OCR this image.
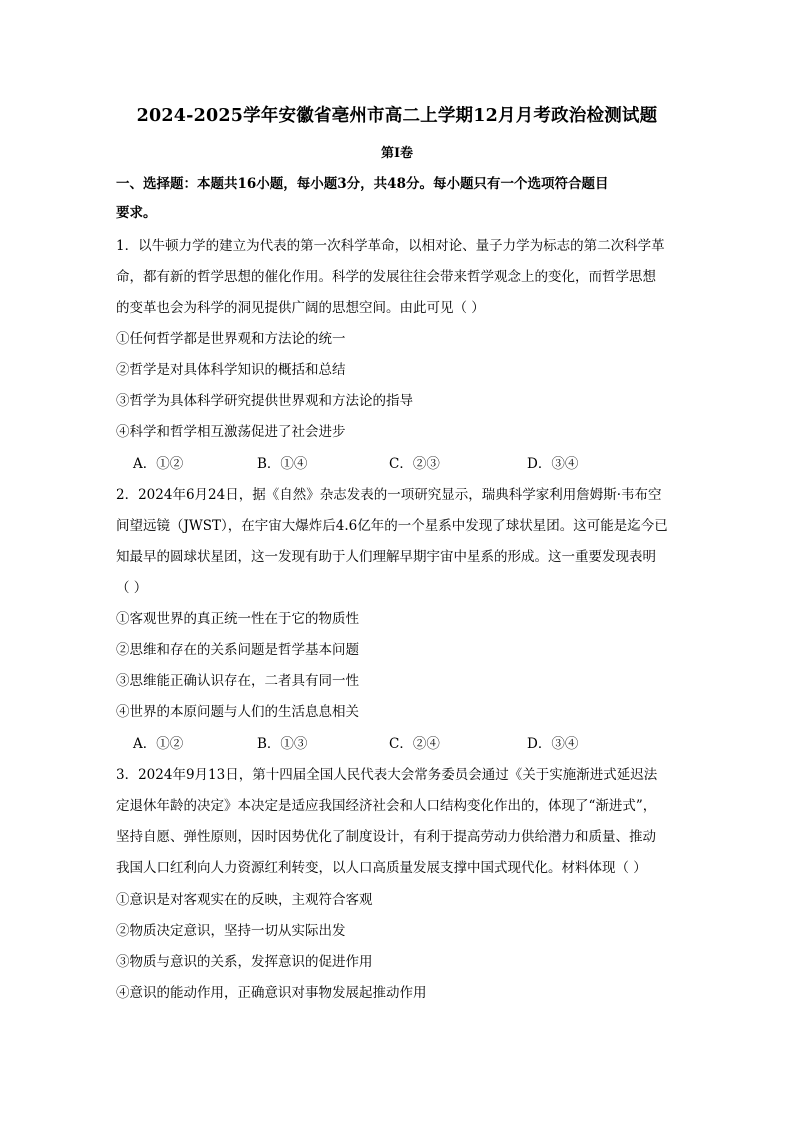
2024-2025学年安徽省亳州市高二上学期12月月考政治检测试题
第Ⅰ卷
一、选择题：本题共16小题，每小题3分，共48分。每小题只有一个选项符合题目
要求。
1．以牛顿力学的建立为代表的第一次科学革命，以相对论、量子力学为标志的第二次科学革
命，都有新的哲学思想的催化作用。科学的发展往往会带来哲学观念上的变化，而哲学思想
的变革也会为科学的洞见提供广阔的思想空间。由此可见（ ）
①任何哲学都是世界观和方法论的统一
②哲学是对具体科学知识的概括和总结
③哲学为具体科学研究提供世界观和方法论的指导
④科学和哲学相互激荡促进了社会进步
A．①②	B．①④	C．②③	D．③④
2．2024年6月24日，据《自然》杂志发表的一项研究显示，瑞典科学家利用詹姆斯·韦布空
间望远镜（JWST），在宇宙大爆炸后4.6亿年的一个星系中发现了球状星团。这可能是迄今已
知最早的圆球状星团，这一发现有助于人们理解早期宇宙中星系的形成。这一重要发现表明
（ ）
①客观世界的真正统一性在于它的物质性
②思维和存在的关系问题是哲学基本问题
③思维能正确认识存在，二者具有同一性
④世界的本原问题与人们的生活息息相关
A．①②	B．①③	C．②④	D．③④
3．2024年9月13日，第十四届全国人民代表大会常务委员会通过《关于实施渐进式延迟法
定退休年龄的决定》本决定是适应我国经济社会和人口结构变化作出的，体现了“渐进式”，
坚持自愿、弹性原则，因时因势优化了制度设计，有利于提高劳动力供给潜力和质量、推动
我国人口红利向人力资源红利转变，以人口高质量发展支撑中国式现代化。材料体现（ ）
①意识是对客观实在的反映，主观符合客观
②物质决定意识，坚持一切从实际出发
③物质与意识的关系，发挥意识的促进作用
④意识的能动作用，正确意识对事物发展起推动作用
